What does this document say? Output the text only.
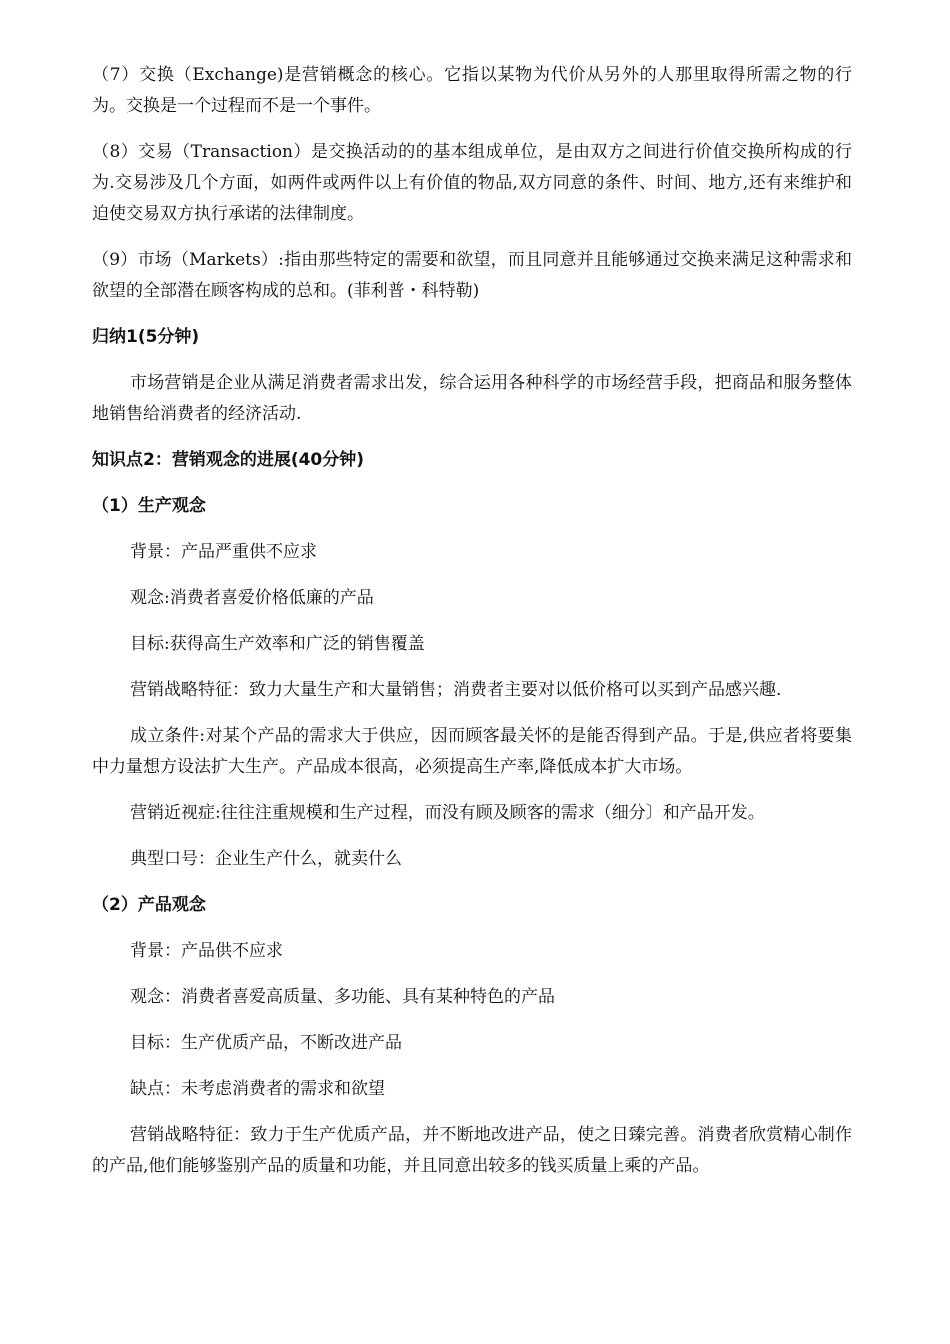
（7）交换（Exchange)是营销概念的核心。它指以某物为代价从另外的人那里取得所需之物的行为。交换是一个过程而不是一个事件。

（8）交易（Transaction）是交换活动的的基本组成单位，是由双方之间进行价值交换所构成的行为.交易涉及几个方面，如两件或两件以上有价值的物品,双方同意的条件、时间、地方,还有来维护和迫使交易双方执行承诺的法律制度。

（9）市场（Markets）:指由那些特定的需要和欲望，而且同意并且能够通过交换来满足这种需求和欲望的全部潜在顾客构成的总和。(菲利普・科特勒)

归纳1(5分钟)

市场营销是企业从满足消费者需求出发，综合运用各种科学的市场经营手段，把商品和服务整体地销售给消费者的经济活动.

知识点2：营销观念的进展(40分钟)
（1）生产观念

背景：产品严重供不应求

观念:消费者喜爱价格低廉的产品

目标:获得高生产效率和广泛的销售覆盖

营销战略特征：致力大量生产和大量销售；消费者主要对以低价格可以买到产品感兴趣.

成立条件:对某个产品的需求大于供应，因而顾客最关怀的是能否得到产品。于是,供应者将要集中力量想方设法扩大生产。产品成本很高，必须提高生产率,降低成本扩大市场。

营销近视症:往往注重规模和生产过程，而没有顾及顾客的需求（细分〕和产品开发。

典型口号：企业生产什么，就卖什么

（2）产品观念

背景：产品供不应求

观念：消费者喜爱高质量、多功能、具有某种特色的产品

目标：生产优质产品，不断改进产品

缺点：未考虑消费者的需求和欲望

营销战略特征：致力于生产优质产品，并不断地改进产品，使之日臻完善。消费者欣赏精心制作的产品,他们能够鉴别产品的质量和功能，并且同意出较多的钱买质量上乘的产品。
